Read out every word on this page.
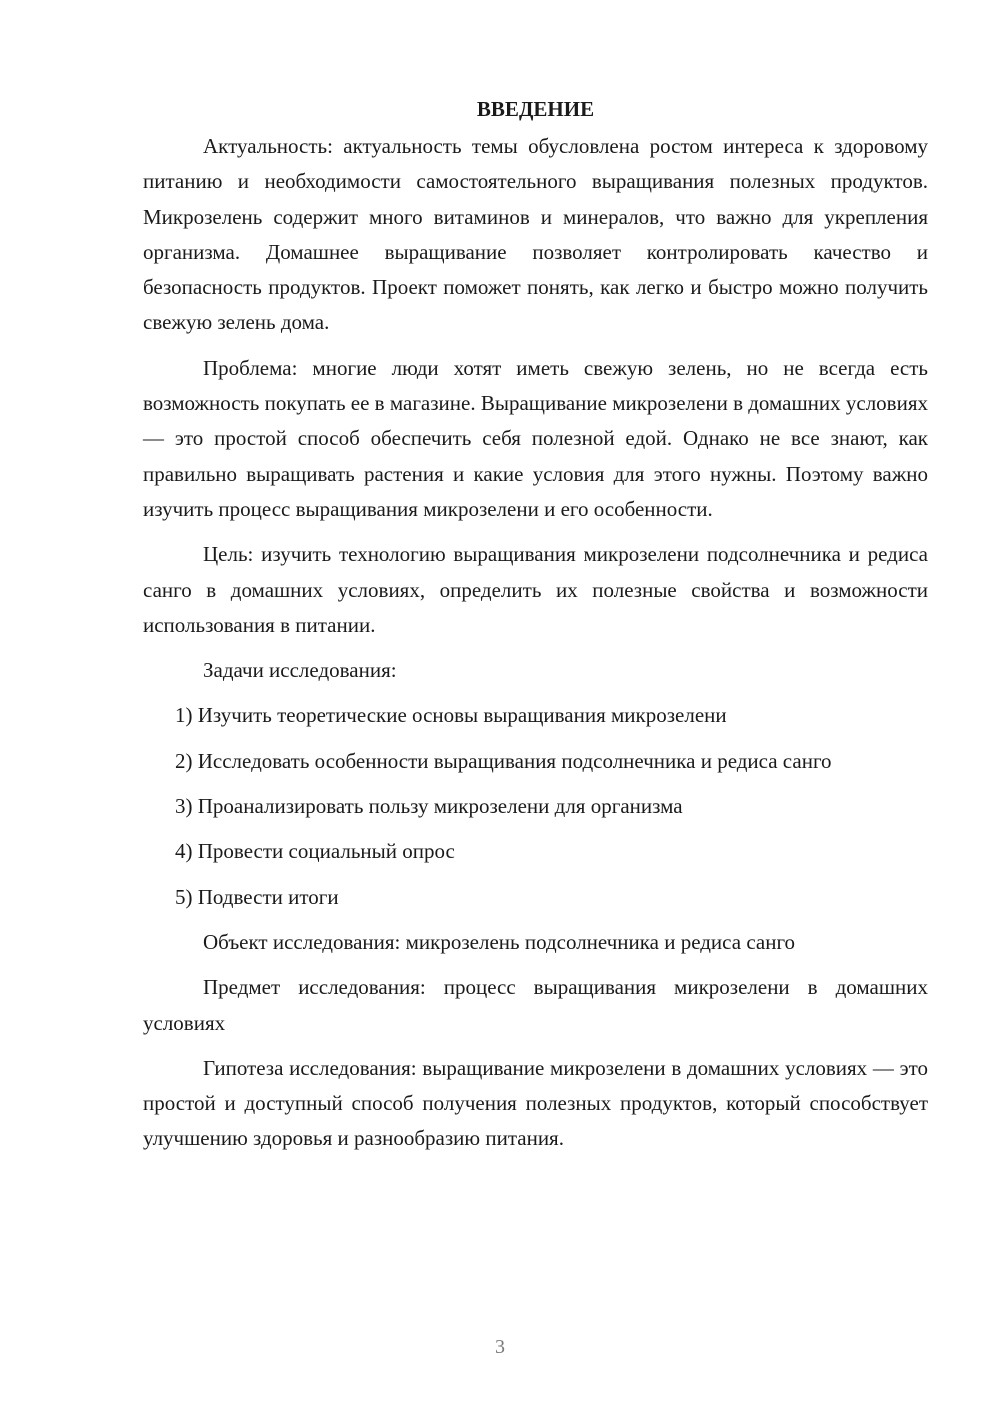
ВВЕДЕНИЕ

Актуальность: актуальность темы обусловлена ростом интереса к здоровому питанию и необходимости самостоятельного выращивания полезных продуктов. Микрозелень содержит много витаминов и минералов, что важно для укрепления организма. Домашнее выращивание позволяет контролировать качество и безопасность продуктов. Проект поможет понять, как легко и быстро можно получить свежую зелень дома.

Проблема: многие люди хотят иметь свежую зелень, но не всегда есть возможность покупать ее в магазине. Выращивание микрозелени в домашних условиях — это простой способ обеспечить себя полезной едой. Однако не все знают, как правильно выращивать растения и какие условия для этого нужны. Поэтому важно изучить процесс выращивания микрозелени и его особенности.

Цель: изучить технологию выращивания микрозелени подсолнечника и редиса санго в домашних условиях, определить их полезные свойства и возможности использования в питании.

Задачи исследования:

1) Изучить теоретические основы выращивания микрозелени

2) Исследовать особенности выращивания подсолнечника и редиса санго

3) Проанализировать пользу микрозелени для организма

4) Провести социальный опрос

5) Подвести итоги

Объект исследования: микрозелень подсолнечника и редиса санго

Предмет исследования: процесс выращивания микрозелени в домашних условиях

Гипотеза исследования: выращивание микрозелени в домашних условиях — это простой и доступный способ получения полезных продуктов, который способствует улучшению здоровья и разнообразию питания.

3
